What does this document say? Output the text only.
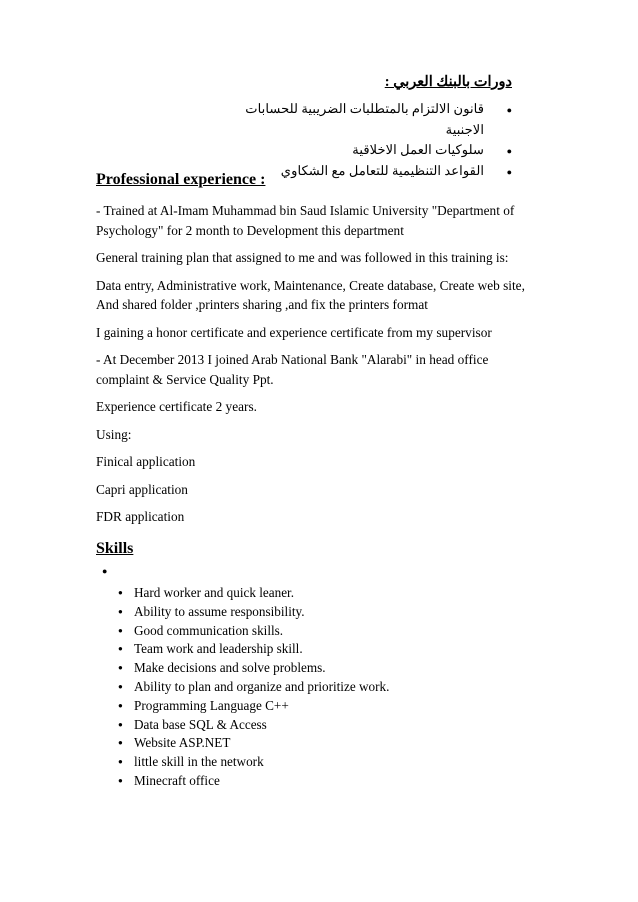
دورات بالبنك العربي :
● قانون الالتزام بالمتطلبات الضريبية للحسابات الاجنبية
● سلوكيات العمل الاخلاقية
● القواعد التنظيمية للتعامل مع الشكاوي
Professional experience :

- Trained at Al-Imam Muhammad bin Saud Islamic University "Department of Psychology" for 2 month to Development this department

General training plan that assigned to me and was followed in this training is:

Data entry, Administrative work, Maintenance, Create database, Create web site, And shared folder ,printers sharing ,and fix the printers format

I gaining a honor certificate and experience certificate from my supervisor

- At December 2013 I joined Arab National Bank "Alarabi" in head office complaint & Service Quality Ppt.

Experience certificate 2 years.

Using:

Finical application

Capri application

FDR application

Skills
●
● Hard worker and quick leaner.
● Ability to assume responsibility.
● Good communication skills.
● Team work and leadership skill.
● Make decisions and solve problems.
● Ability to plan and organize and prioritize work.
● Programming Language C++
● Data base SQL & Access
● Website ASP.NET
● little skill in the network
● Minecraft office
